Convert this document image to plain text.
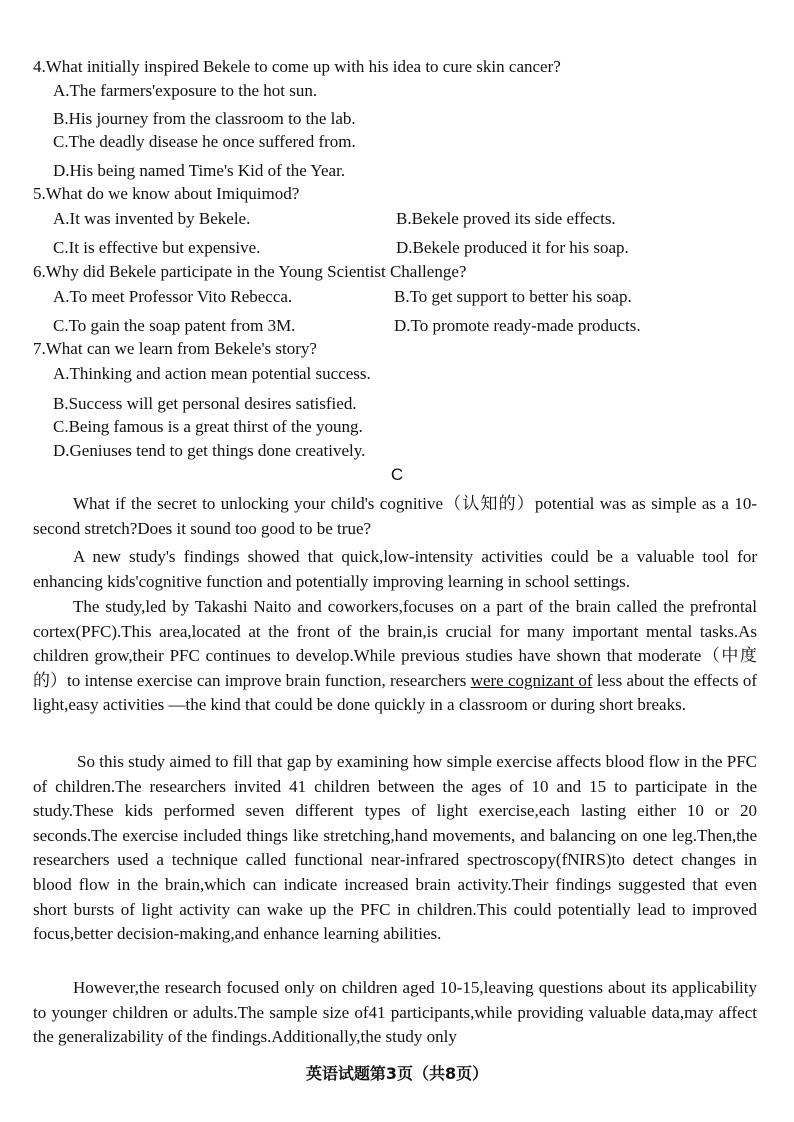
4.What initially inspired Bekele to come up with his idea to cure skin cancer?
A.The farmers'exposure to the hot sun.
B.His journey from the classroom to the lab.
C.The deadly disease he once suffered from.
D.His being named Time's Kid of the Year.
5.What do we know about Imiquimod?
A.It was invented by Bekele.	B.Bekele proved its side effects.
C.It is effective but expensive.	D.Bekele produced it for his soap.
6.Why did Bekele participate in the Young Scientist Challenge?
A.To meet Professor Vito Rebecca.	B.To get support to better his soap.
C.To gain the soap patent from 3M.	D.To promote ready-made products.
7.What can we learn from Bekele's story?
A.Thinking and action mean potential success.
B.Success will get personal desires satisfied.
C.Being famous is a great thirst of the young.
D.Geniuses tend to get things done creatively.
C
What if the secret to unlocking your child's cognitive（认知的）potential was as simple as a 10-second stretch?Does it sound too good to be true?
A new study's findings showed that quick,low-intensity activities could be a valuable tool for enhancing kids'cognitive function and potentially improving learning in school settings.
The study,led by Takashi Naito and coworkers,focuses on a part of the brain called the prefrontal cortex(PFC).This area,located at the front of the brain,is crucial for many important mental tasks.As children grow,their PFC continues to develop.While previous studies have shown that moderate（中度的）to intense exercise can improve brain function, researchers were cognizant of less about the effects of light,easy activities —the kind that could be done quickly in a classroom or during short breaks.
So this study aimed to fill that gap by examining how simple exercise affects blood flow in the PFC of children.The researchers invited 41 children between the ages of 10 and 15 to participate in the study.These kids performed seven different types of light exercise,each lasting either 10 or 20 seconds.The exercise included things like stretching,hand movements, and balancing on one leg.Then,the researchers used a technique called functional near-infrared spectroscopy(fNIRS)to detect changes in blood flow in the brain,which can indicate increased brain activity.Their findings suggested that even short bursts of light activity can wake up the PFC in children.This could potentially lead to improved focus,better decision-making,and enhance learning abilities.
However,the research focused only on children aged 10-15,leaving questions about its applicability to younger children or adults.The sample size of41 participants,while providing valuable data,may affect the generalizability of the findings.Additionally,the study only
英语试题第3页（共8页）
